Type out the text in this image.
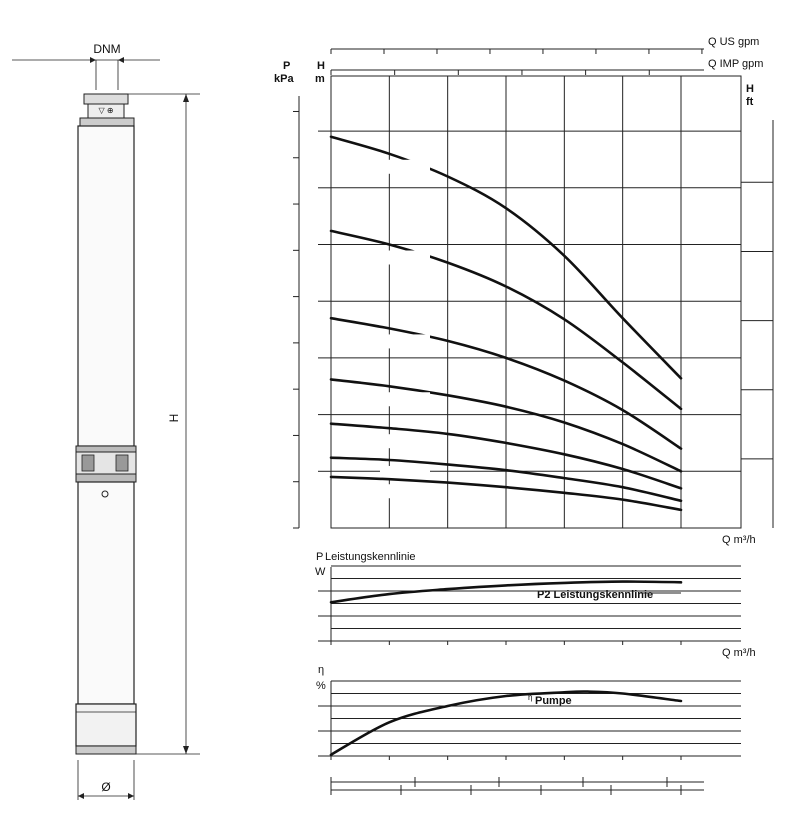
DNM
▽ ⊕
H
Ø
Q US gpm
Q IMP gpm
P
kPa
H
m
H
ft
Q m³/h
P Leistungskennlinie
W
P2 Leistungskennlinie
Q m³/h
η
%
η Pumpe
